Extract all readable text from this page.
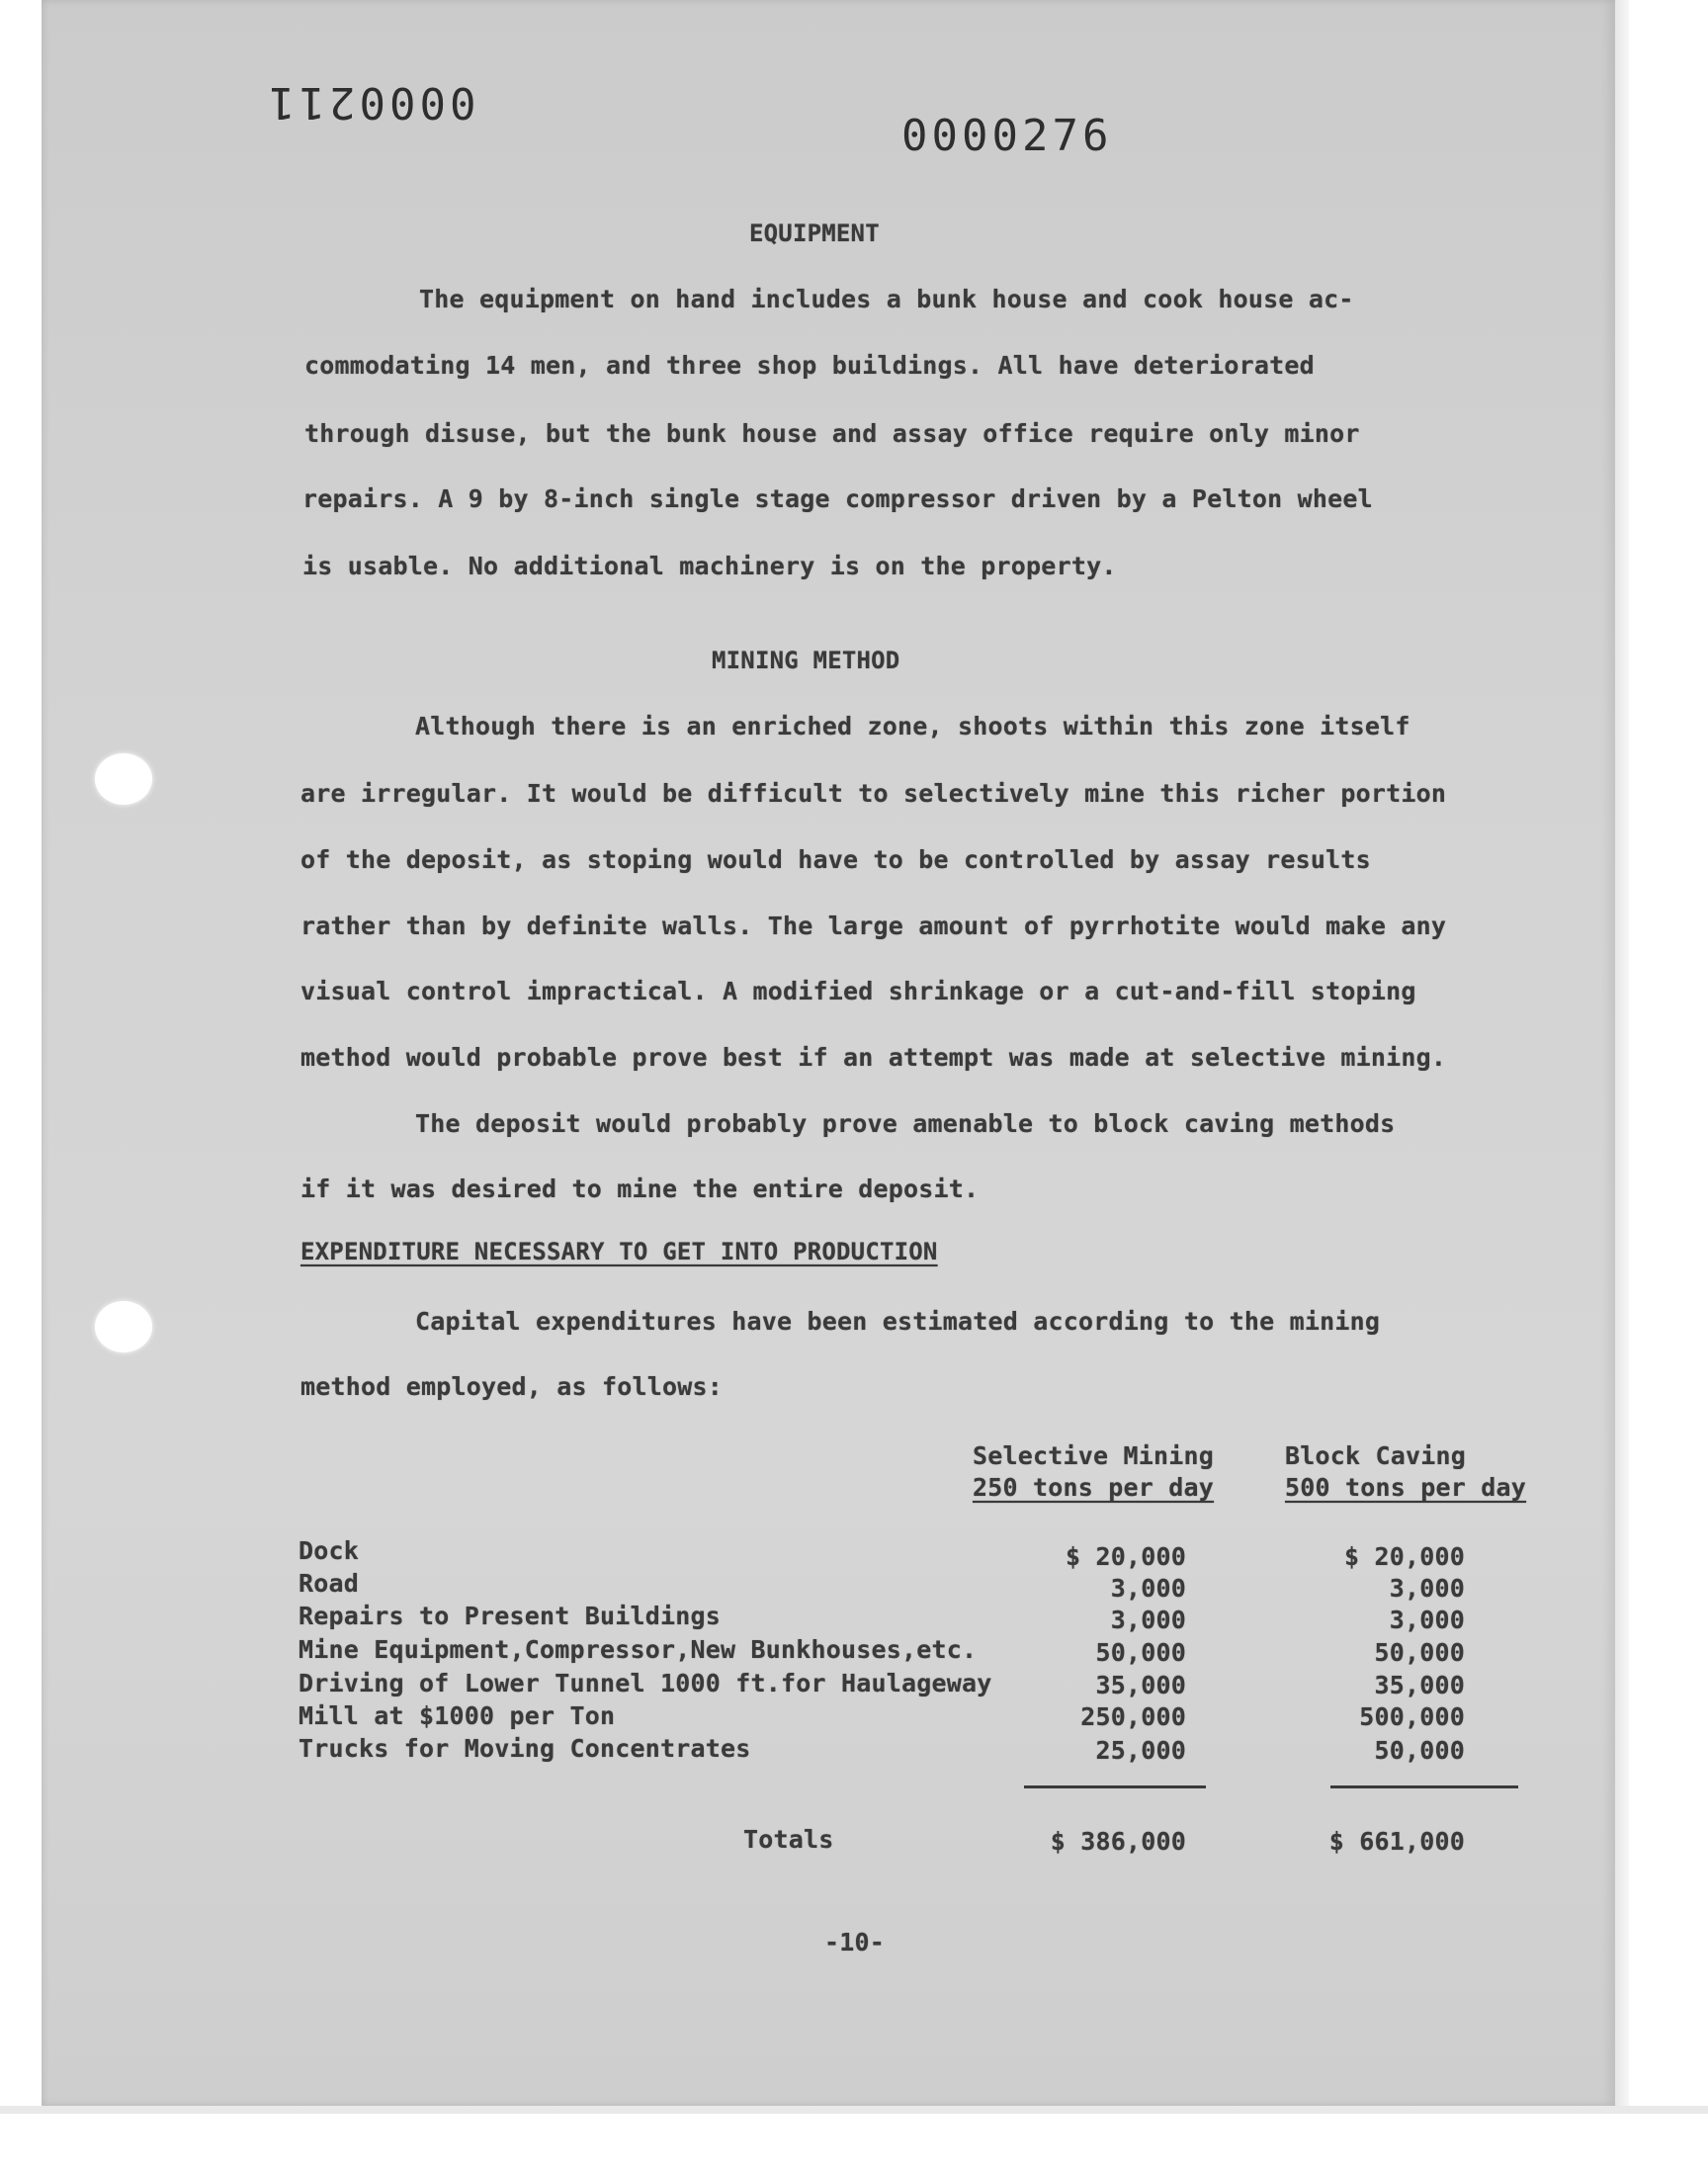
0000211
0000276
EQUIPMENT
The equipment on hand includes a bunk house and cook house ac-
commodating 14 men, and three shop buildings. All have deteriorated
through disuse, but the bunk house and assay office require only minor
repairs. A 9 by 8-inch single stage compressor driven by a Pelton wheel
is usable. No additional machinery is on the property.
MINING METHOD
Although there is an enriched zone, shoots within this zone itself
are irregular. It would be difficult to selectively mine this richer portion
of the deposit, as stoping would have to be controlled by assay results
rather than by definite walls. The large amount of pyrrhotite would make any
visual control impractical. A modified shrinkage or a cut-and-fill stoping
method would probable prove best if an attempt was made at selective mining.
The deposit would probably prove amenable to block caving methods
if it was desired to mine the entire deposit.
EXPENDITURE NECESSARY TO GET INTO PRODUCTION
Capital expenditures have been estimated according to the mining
method employed, as follows:
Selective Mining
250 tons per day
Block Caving
500 tons per day
Dock	$ 20,000	$ 20,000
Road	3,000	3,000
Repairs to Present Buildings	3,000	3,000
Mine Equipment,Compressor,New Bunkhouses,etc.	50,000	50,000
Driving of Lower Tunnel 1000 ft.for Haulageway	35,000	35,000
Mill at $1000 per Ton	250,000	500,000
Trucks for Moving Concentrates	25,000	50,000
Totals	$ 386,000	$ 661,000
-10-
